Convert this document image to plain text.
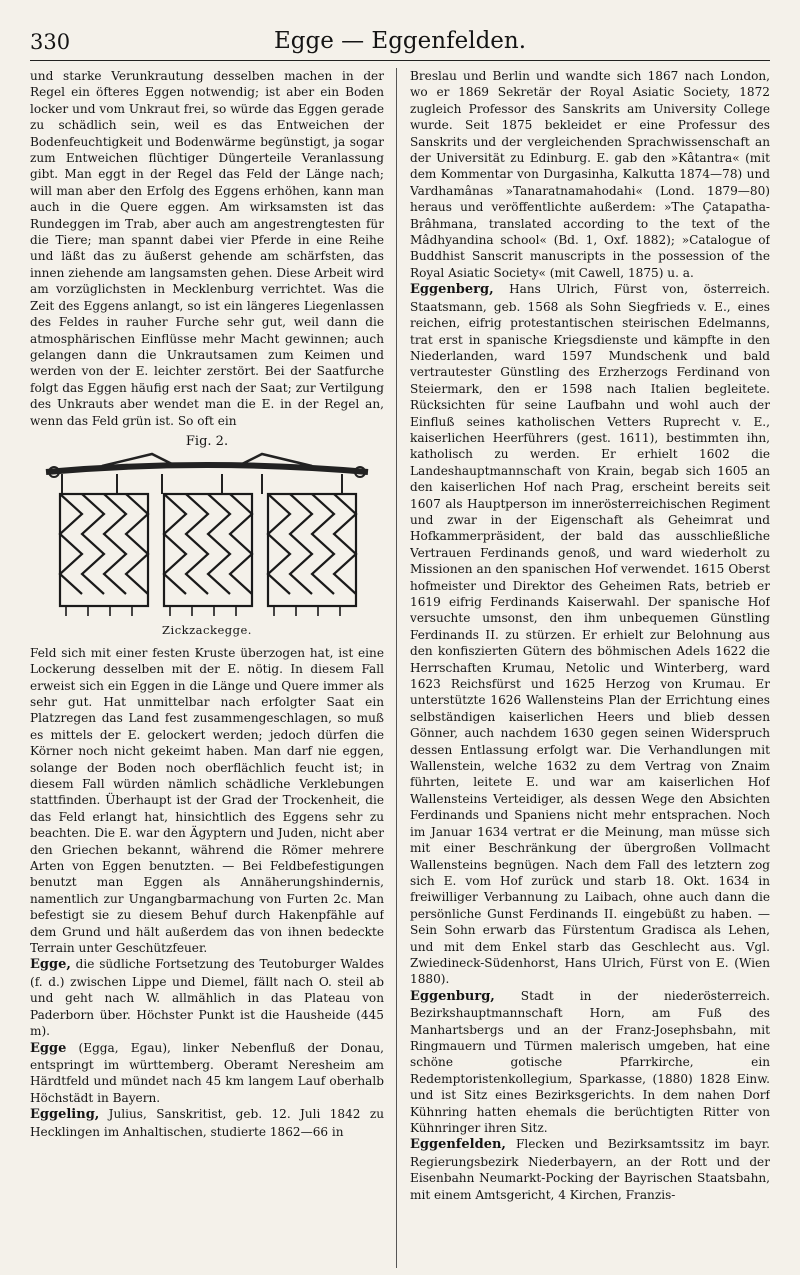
330	Egge — Eggenfelden.

und starke Verunkrautung desselben machen in der Regel ein öfteres Eggen notwendig; ist aber ein Boden locker und vom Unkraut frei, so würde das Eggen gerade zu schädlich sein, weil es das Entweichen der Bodenfeuchtigkeit und Bodenwärme begünstigt, ja sogar zum Entweichen flüchtiger Düngerteile Veranlassung gibt. Man eggt in der Regel das Feld der Länge nach; will man aber den Erfolg des Eggens erhöhen, kann man auch in die Quere eggen. Am wirksamsten ist das Rundeggen im Trab, aber auch am angestrengtesten für die Tiere; man spannt dabei vier Pferde in eine Reihe und läßt das zu äußerst gehende am schärfsten, das innen ziehende am langsamsten gehen. Diese Arbeit wird am vorzüglichsten in Mecklenburg verrichtet. Was die Zeit des Eggens anlangt, so ist ein längeres Liegenlassen des Feldes in rauher Furche sehr gut, weil dann die atmosphärischen Einflüsse mehr Macht gewinnen; auch gelangen dann die Unkrautsamen zum Keimen und werden von der E. leichter zerstört. Bei der Saatfurche folgt das Eggen häufig erst nach der Saat; zur Vertilgung des Unkrauts aber wendet man die E. in der Regel an, wenn das Feld grün ist. So oft ein

Fig. 2.
Zickzackegge.

Feld sich mit einer festen Kruste überzogen hat, ist eine Lockerung desselben mit der E. nötig. In diesem Fall erweist sich ein Eggen in die Länge und Quere immer als sehr gut. Hat unmittelbar nach erfolgter Saat ein Platzregen das Land fest zusammengeschlagen, so muß es mittels der E. gelockert werden; jedoch dürfen die Körner noch nicht gekeimt haben. Man darf nie eggen, solange der Boden noch oberflächlich feucht ist; in diesem Fall würden nämlich schädliche Verklebungen stattfinden. Überhaupt ist der Grad der Trockenheit, die das Feld erlangt hat, hinsichtlich des Eggens sehr zu beachten. Die E. war den Ägyptern und Juden, nicht aber den Griechen bekannt, während die Römer mehrere Arten von Eggen benutzten. — Bei Feldbefestigungen benutzt man Eggen als Annäherungshindernis, namentlich zur Ungangbarmachung von Furten 2c. Man befestigt sie zu diesem Behuf durch Hakenpfähle auf dem Grund und hält außerdem das von ihnen bedeckte Terrain unter Geschützfeuer.

Egge, die südliche Fortsetzung des Teutoburger Waldes (f. d.) zwischen Lippe und Diemel, fällt nach O. steil ab und geht nach W. allmählich in das Plateau von Paderborn über. Höchster Punkt ist die Hausheide (445 m).

Egge (Egga, Egau), linker Nebenfluß der Donau, entspringt im württemberg. Oberamt Neresheim am Härdtfeld und mündet nach 45 km langem Lauf oberhalb Höchstädt in Bayern.

Eggeling, Julius, Sanskritist, geb. 12. Juli 1842 zu Hecklingen im Anhaltischen, studierte 1862—66 in

Breslau und Berlin und wandte sich 1867 nach London, wo er 1869 Sekretär der Royal Asiatic Society, 1872 zugleich Professor des Sanskrits am University College wurde. Seit 1875 bekleidet er eine Professur des Sanskrits und der vergleichenden Sprachwissenschaft an der Universität zu Edinburg. E. gab den »Kâtantra« (mit dem Kommentar von Durgasinha, Kalkutta 1874—78) und Vardhamânas »Tanaratnamahodahi« (Lond. 1879—80) heraus und veröffentlichte außerdem: »The Çatapatha-Brâhmana, translated according to the text of the Mâdhyandina school« (Bd. 1, Oxf. 1882); »Catalogue of Buddhist Sanscrit manuscripts in the possession of the Royal Asiatic Society« (mit Cawell, 1875) u. a.

Eggenberg, Hans Ulrich, Fürst von, österreich. Staatsmann, geb. 1568 als Sohn Siegfrieds v. E., eines reichen, eifrig protestantischen steirischen Edelmanns, trat erst in spanische Kriegsdienste und kämpfte in den Niederlanden, ward 1597 Mundschenk und bald vertrautester Günstling des Erzherzogs Ferdinand von Steiermark, den er 1598 nach Italien begleitete. Rücksichten für seine Laufbahn und wohl auch der Einfluß seines katholischen Vetters Ruprecht v. E., kaiserlichen Heerführers (gest. 1611), bestimmten ihn, katholisch zu werden. Er erhielt 1602 die Landeshauptmannschaft von Krain, begab sich 1605 an den kaiserlichen Hof nach Prag, erscheint bereits seit 1607 als Hauptperson im innerösterreichischen Regiment und zwar in der Eigenschaft als Geheimrat und Hofkammerpräsident, der bald das ausschließliche Vertrauen Ferdinands genoß, und ward wiederholt zu Missionen an den spanischen Hof verwendet. 1615 Oberst hofmeister und Direktor des Geheimen Rats, betrieb er 1619 eifrig Ferdinands Kaiserwahl. Der spanische Hof versuchte umsonst, den ihm unbequemen Günstling Ferdinands II. zu stürzen. Er erhielt zur Belohnung aus den konfiszierten Gütern des böhmischen Adels 1622 die Herrschaften Krumau, Netolic und Winterberg, ward 1623 Reichsfürst und 1625 Herzog von Krumau. Er unterstützte 1626 Wallensteins Plan der Errichtung eines selbständigen kaiserlichen Heers und blieb dessen Gönner, auch nachdem 1630 gegen seinen Widerspruch dessen Entlassung erfolgt war. Die Verhandlungen mit Wallenstein, welche 1632 zu dem Vertrag von Znaim führten, leitete E. und war am kaiserlichen Hof Wallensteins Verteidiger, als dessen Wege den Absichten Ferdinands und Spaniens nicht mehr entsprachen. Noch im Januar 1634 vertrat er die Meinung, man müsse sich mit einer Beschränkung der übergroßen Vollmacht Wallensteins begnügen. Nach dem Fall des letztern zog sich E. vom Hof zurück und starb 18. Okt. 1634 in freiwilliger Verbannung zu Laibach, ohne auch dann die persönliche Gunst Ferdinands II. eingebüßt zu haben. — Sein Sohn erwarb das Fürstentum Gradisca als Lehen, und mit dem Enkel starb das Geschlecht aus. Vgl. Zwiedineck-Südenhorst, Hans Ulrich, Fürst von E. (Wien 1880).

Eggenburg, Stadt in der niederösterreich. Bezirkshauptmannschaft Horn, am Fuß des Manhartsbergs und an der Franz-Josephsbahn, mit Ringmauern und Türmen malerisch umgeben, hat eine schöne gotische Pfarrkirche, ein Redemptoristenkollegium, Sparkasse, (1880) 1828 Einw. und ist Sitz eines Bezirksgerichts. In dem nahen Dorf Kühnring hatten ehemals die berüchtigten Ritter von Kühnringer ihren Sitz.

Eggenfelden, Flecken und Bezirksamtssitz im bayr. Regierungsbezirk Niederbayern, an der Rott und der Eisenbahn Neumarkt-Pocking der Bayrischen Staatsbahn, mit einem Amtsgericht, 4 Kirchen, Franzis-
